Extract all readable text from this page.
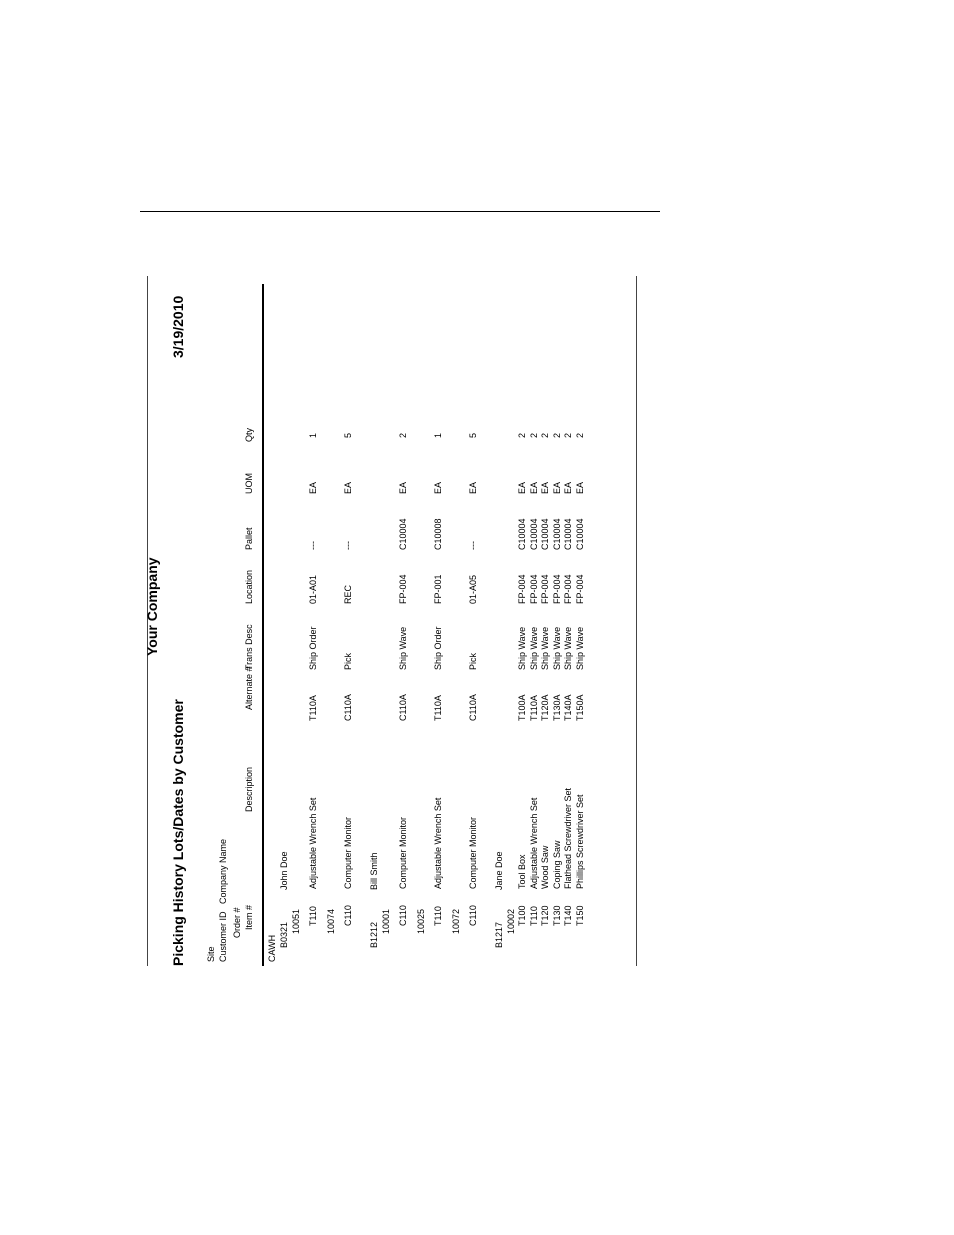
Your Company
Picking History Lots/Dates by Customer
3/19/2010
Site Customer ID
Company Name
Order # Item #
Description
Alternate #
Trans Desc
Location
Pallet
UOM
Qty
CAWH B0321
John Doe
10051 T110
Adjustable Wrench Set
T110A
Ship Order
01-A01
---
EA
1
10074 C110
Computer Monitor
C110A
Pick
REC
---
EA
5
B1212
Bill Smith
10001 C110
Computer Monitor
C110A
Ship Wave
FP-004
C10004
EA
2
10025 T110
Adjustable Wrench Set
T110A
Ship Order
FP-001
C10008
EA
1
10072 C110
Computer Monitor
C110A
Pick
01-A05
---
EA
5
B1217
Jane Doe
10002 T100
Tool Box
T100A
Ship Wave
FP-004
C10004
EA
2
T110
Adjustable Wrench Set
T110A
Ship Wave
FP-004
C10004
EA
2
T120
Wood Saw
T120A
Ship Wave
FP-004
C10004
EA
2
T130
Coping Saw
T130A
Ship Wave
FP-004
C10004
EA
2
T140
Flathead Screwdriver Set
T140A
Ship Wave
FP-004
C10004
EA
2
T150
Phillips Screwdriver Set
T150A
Ship Wave
FP-004
C10004
EA
2
